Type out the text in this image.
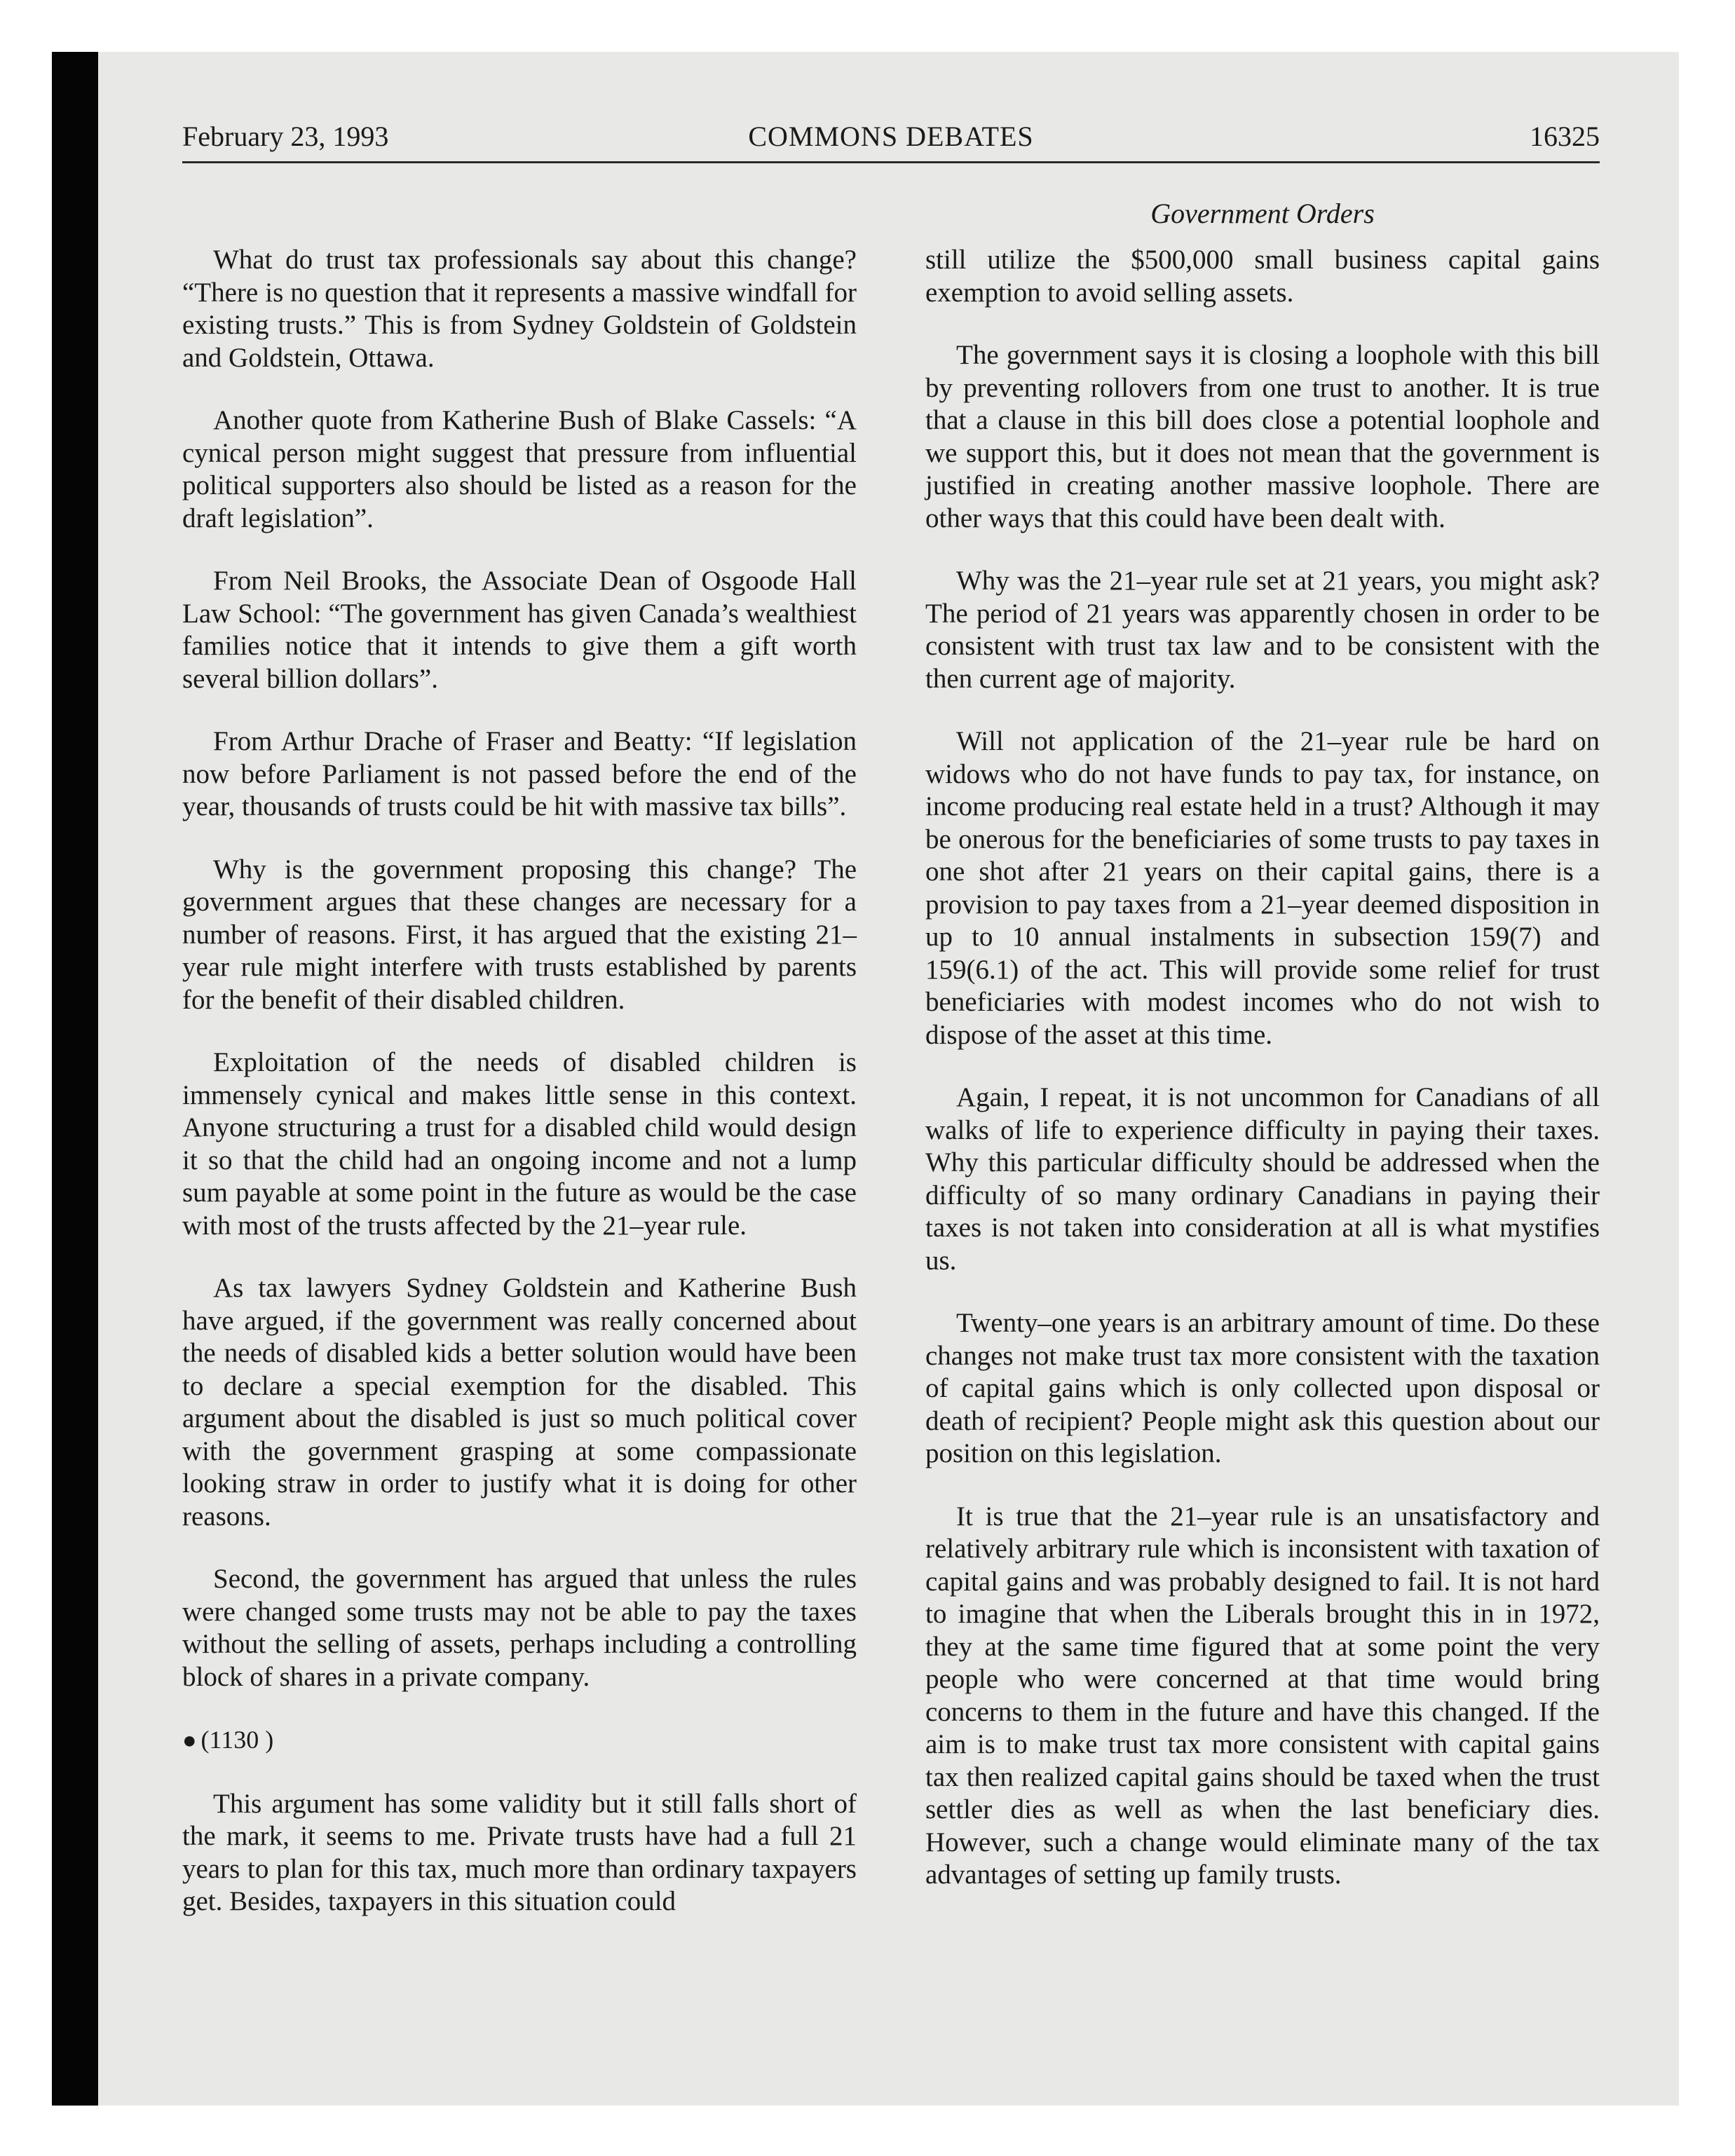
February 23, 1993	COMMONS DEBATES	16325
Government Orders

What do trust tax professionals say about this change? “There is no question that it represents a massive windfall for existing trusts.” This is from Sydney Goldstein of Goldstein and Goldstein, Ottawa.

Another quote from Katherine Bush of Blake Cassels: “A cynical person might suggest that pressure from influential political supporters also should be listed as a reason for the draft legislation”.

From Neil Brooks, the Associate Dean of Osgoode Hall Law School: “The government has given Canada’s wealthiest families notice that it intends to give them a gift worth several billion dollars”.

From Arthur Drache of Fraser and Beatty: “If legislation now before Parliament is not passed before the end of the year, thousands of trusts could be hit with massive tax bills”.

Why is the government proposing this change? The government argues that these changes are necessary for a number of reasons. First, it has argued that the existing 21–year rule might interfere with trusts established by parents for the benefit of their disabled children.

Exploitation of the needs of disabled children is immensely cynical and makes little sense in this context. Anyone structuring a trust for a disabled child would design it so that the child had an ongoing income and not a lump sum payable at some point in the future as would be the case with most of the trusts affected by the 21–year rule.

As tax lawyers Sydney Goldstein and Katherine Bush have argued, if the government was really concerned about the needs of disabled kids a better solution would have been to declare a special exemption for the disabled. This argument about the disabled is just so much political cover with the government grasping at some compassionate looking straw in order to justify what it is doing for other reasons.

Second, the government has argued that unless the rules were changed some trusts may not be able to pay the taxes without the selling of assets, perhaps including a controlling block of shares in a private company.

● (1130 )

This argument has some validity but it still falls short of the mark, it seems to me. Private trusts have had a full 21 years to plan for this tax, much more than ordinary taxpayers get. Besides, taxpayers in this situation could

still utilize the $500,000 small business capital gains exemption to avoid selling assets.

The government says it is closing a loophole with this bill by preventing rollovers from one trust to another. It is true that a clause in this bill does close a potential loophole and we support this, but it does not mean that the government is justified in creating another massive loophole. There are other ways that this could have been dealt with.

Why was the 21–year rule set at 21 years, you might ask? The period of 21 years was apparently chosen in order to be consistent with trust tax law and to be consistent with the then current age of majority.

Will not application of the 21–year rule be hard on widows who do not have funds to pay tax, for instance, on income producing real estate held in a trust? Although it may be onerous for the beneficiaries of some trusts to pay taxes in one shot after 21 years on their capital gains, there is a provision to pay taxes from a 21–year deemed disposition in up to 10 annual instalments in subsection 159(7) and 159(6.1) of the act. This will provide some relief for trust beneficiaries with modest incomes who do not wish to dispose of the asset at this time.

Again, I repeat, it is not uncommon for Canadians of all walks of life to experience difficulty in paying their taxes. Why this particular difficulty should be addressed when the difficulty of so many ordinary Canadians in paying their taxes is not taken into consideration at all is what mystifies us.

Twenty–one years is an arbitrary amount of time. Do these changes not make trust tax more consistent with the taxation of capital gains which is only collected upon disposal or death of recipient? People might ask this question about our position on this legislation.

It is true that the 21–year rule is an unsatisfactory and relatively arbitrary rule which is inconsistent with taxation of capital gains and was probably designed to fail. It is not hard to imagine that when the Liberals brought this in in 1972, they at the same time figured that at some point the very people who were concerned at that time would bring concerns to them in the future and have this changed. If the aim is to make trust tax more consistent with capital gains tax then realized capital gains should be taxed when the trust settler dies as well as when the last beneficiary dies. However, such a change would eliminate many of the tax advantages of setting up family trusts.
